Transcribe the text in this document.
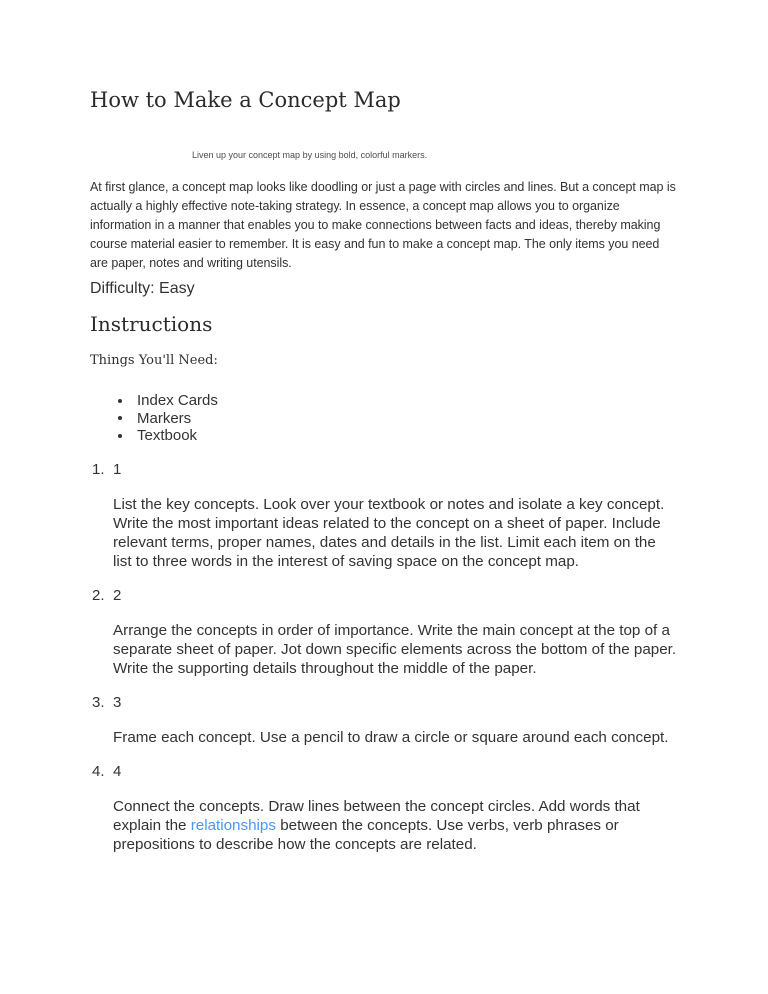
How to Make a Concept Map

Liven up your concept map by using bold, colorful markers.

At first glance, a concept map looks like doodling or just a page with circles and lines. But a concept map is actually a highly effective note-taking strategy. In essence, a concept map allows you to organize information in a manner that enables you to make connections between facts and ideas, thereby making course material easier to remember. It is easy and fun to make a concept map. The only items you need are paper, notes and writing utensils.

Difficulty: Easy

Instructions

Things You'll Need:

Index Cards
Markers
Textbook
1. 1

List the key concepts. Look over your textbook or notes and isolate a key concept. Write the most important ideas related to the concept on a sheet of paper. Include relevant terms, proper names, dates and details in the list. Limit each item on the list to three words in the interest of saving space on the concept map.

2. 2

Arrange the concepts in order of importance. Write the main concept at the top of a separate sheet of paper. Jot down specific elements across the bottom of the paper. Write the supporting details throughout the middle of the paper.

3. 3

Frame each concept. Use a pencil to draw a circle or square around each concept.

4. 4

Connect the concepts. Draw lines between the concept circles. Add words that explain the relationships between the concepts. Use verbs, verb phrases or prepositions to describe how the concepts are related.
